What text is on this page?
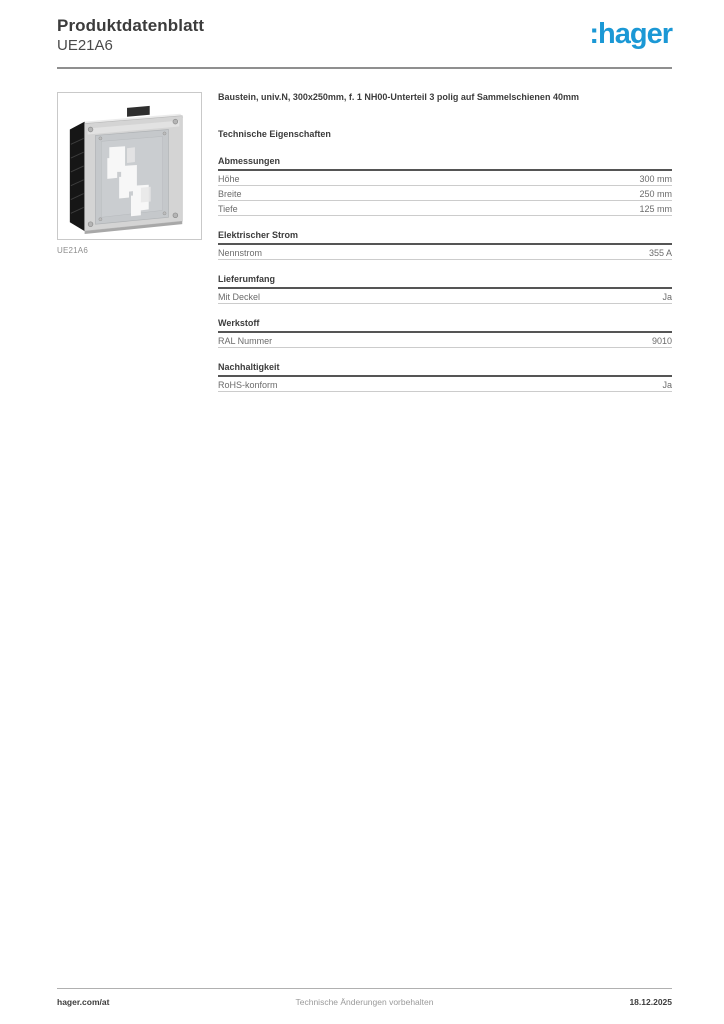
Produktdatenblatt
UE21A6	:hager
UE21A6
Baustein, univ.N, 300x250mm, f. 1 NH00-Unterteil 3 polig auf Sammelschienen 40mm
Technische Eigenschaften
Abmessungen
Höhe	300 mm
Breite	250 mm
Tiefe	125 mm
Elektrischer Strom
Nennstrom	355 A
Lieferumfang
Mit Deckel	Ja
Werkstoff
RAL Nummer	9010
Nachhaltigkeit
RoHS-konform	Ja
hager.com/at	Technische Änderungen vorbehalten	18.12.2025
